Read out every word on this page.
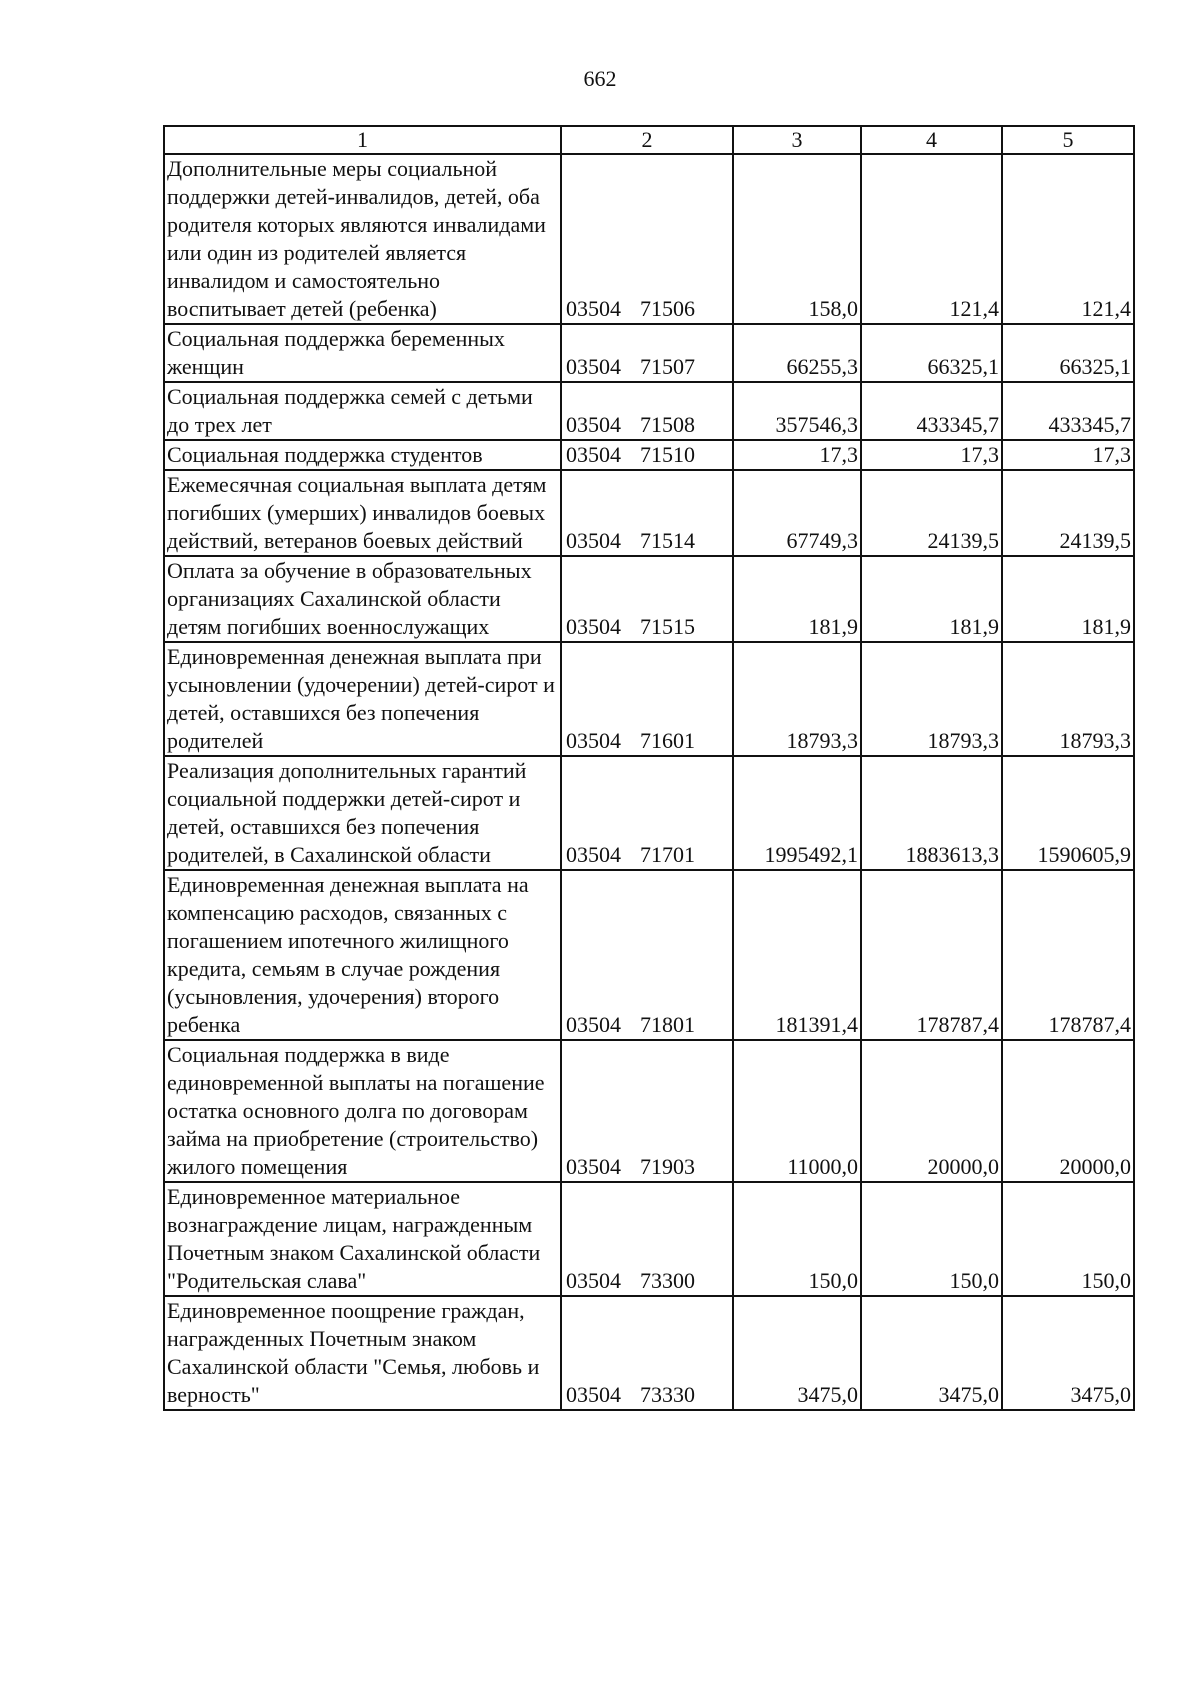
662
1	2	3	4	5
Дополнительные меры социальной поддержки детей-инвалидов, детей, оба родителя которых являются инвалидами или один из родителей является инвалидом и самостоятельно воспитывает детей (ребенка)	03504 71506	158,0	121,4	121,4
Социальная поддержка беременных женщин	03504 71507	66255,3	66325,1	66325,1
Социальная поддержка семей с детьми до трех лет	03504 71508	357546,3	433345,7	433345,7
Социальная поддержка студентов	03504 71510	17,3	17,3	17,3
Ежемесячная социальная выплата детям погибших (умерших) инвалидов боевых действий, ветеранов боевых действий	03504 71514	67749,3	24139,5	24139,5
Оплата за обучение в образовательных организациях Сахалинской области детям погибших военнослужащих	03504 71515	181,9	181,9	181,9
Единовременная денежная выплата при усыновлении (удочерении) детей-сирот и детей, оставшихся без попечения родителей	03504 71601	18793,3	18793,3	18793,3
Реализация дополнительных гарантий социальной поддержки детей-сирот и детей, оставшихся без попечения родителей, в Сахалинской области	03504 71701	1995492,1	1883613,3	1590605,9
Единовременная денежная выплата на компенсацию расходов, связанных с погашением ипотечного жилищного кредита, семьям в случае рождения (усыновления, удочерения) второго ребенка	03504 71801	181391,4	178787,4	178787,4
Социальная поддержка в виде единовременной выплаты на погашение остатка основного долга по договорам займа на приобретение (строительство) жилого помещения	03504 71903	11000,0	20000,0	20000,0
Единовременное материальное вознаграждение лицам, награжденным Почетным знаком Сахалинской области "Родительская слава"	03504 73300	150,0	150,0	150,0
Единовременное поощрение граждан, награжденных Почетным знаком Сахалинской области "Семья, любовь и верность"	03504 73330	3475,0	3475,0	3475,0
